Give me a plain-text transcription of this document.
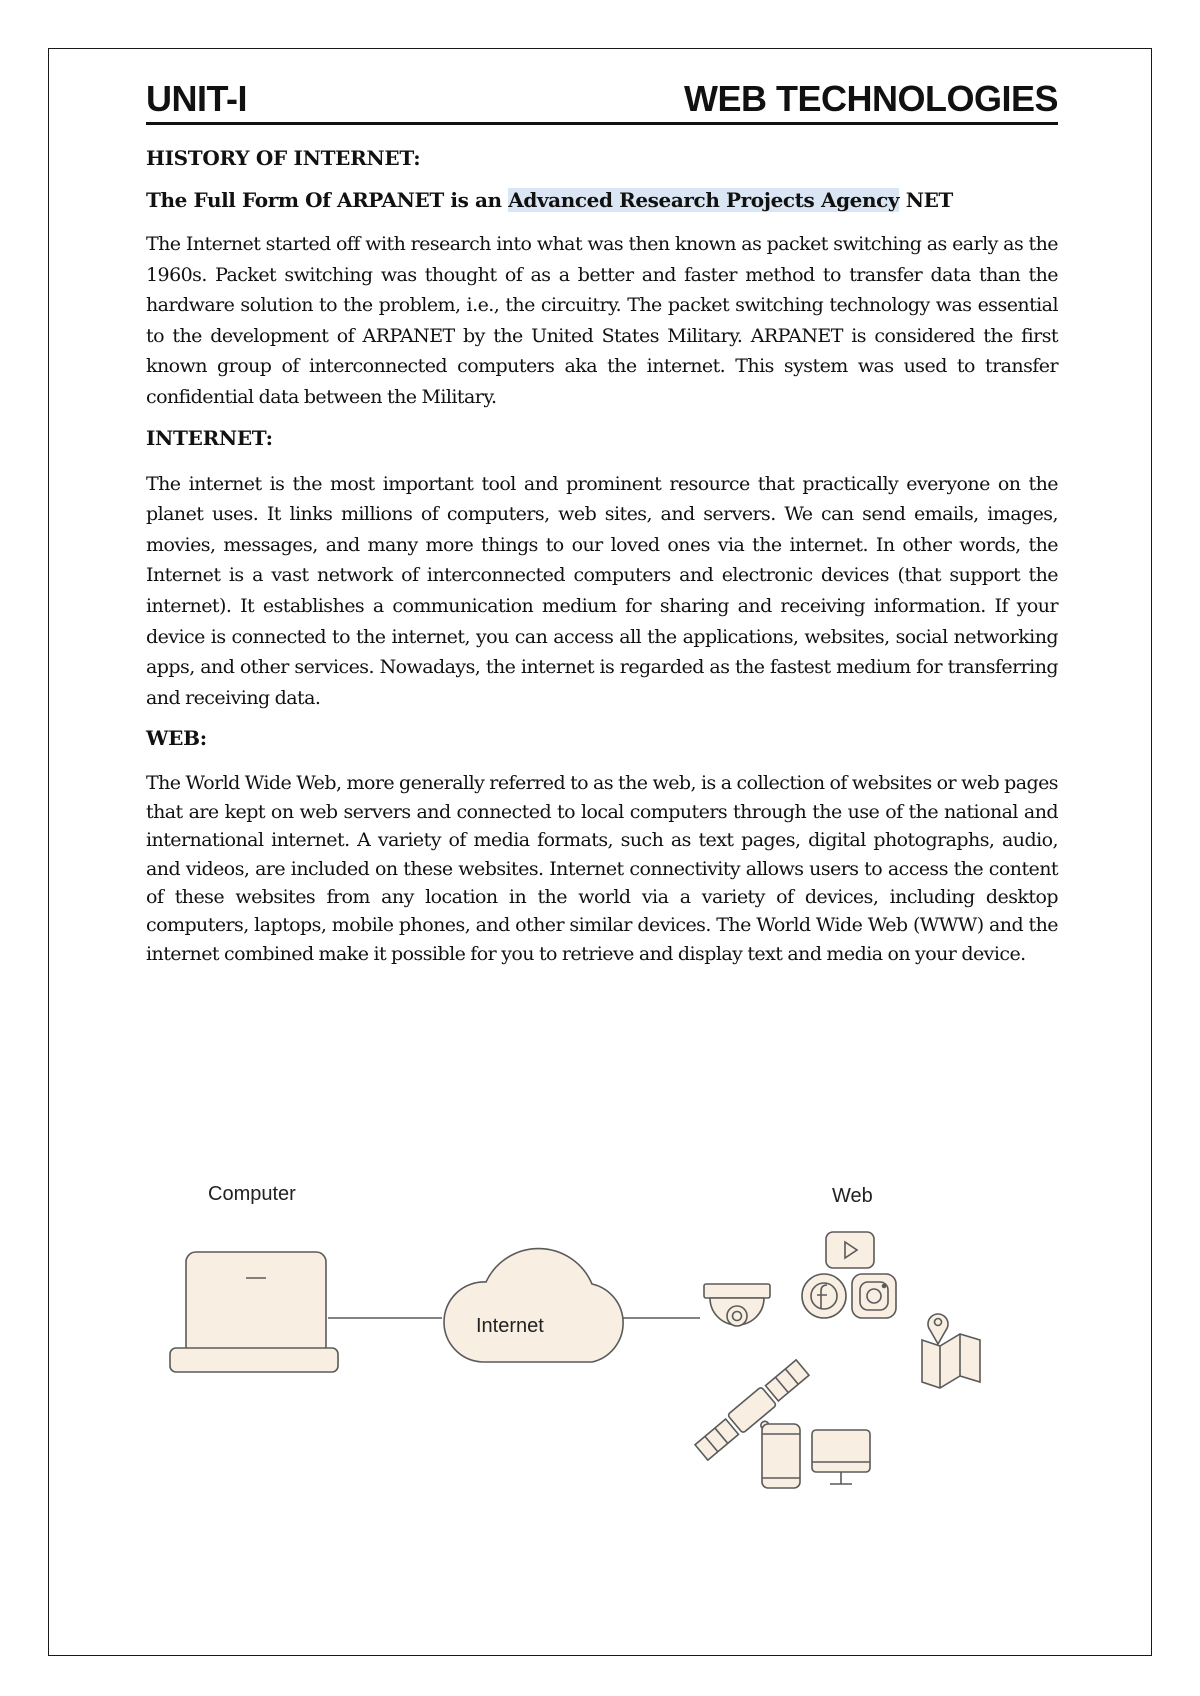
UNIT-I	WEB TECHNOLOGIES
HISTORY OF INTERNET:

The Full Form Of ARPANET is an Advanced Research Projects Agency NET

The Internet started off with research into what was then known as packet switching as early as the 1960s. Packet switching was thought of as a better and faster method to transfer data than the hardware solution to the problem, i.e., the circuitry. The packet switching technology was essential to the development of ARPANET by the United States Military. ARPANET is considered the first known group of interconnected computers aka the internet. This system was used to transfer confidential data between the Military.

INTERNET:

The internet is the most important tool and prominent resource that practically everyone on the planet uses. It links millions of computers, web sites, and servers. We can send emails, images, movies, messages, and many more things to our loved ones via the internet. In other words, the Internet is a vast network of interconnected computers and electronic devices (that support the internet). It establishes a communication medium for sharing and receiving information. If your device is connected to the internet, you can access all the applications, websites, social networking apps, and other services. Nowadays, the internet is regarded as the fastest medium for transferring and receiving data.

WEB:

The World Wide Web, more generally referred to as the web, is a collection of websites or web pages that are kept on web servers and connected to local computers through the use of the national and international internet. A variety of media formats, such as text pages, digital photographs, audio, and videos, are included on these websites. Internet connectivity allows users to access the content of these websites from any location in the world via a variety of devices, including desktop computers, laptops, mobile phones, and other similar devices. The World Wide Web (WWW) and the internet combined make it possible for you to retrieve and display text and media on your device.

Computer	Web
Internet
